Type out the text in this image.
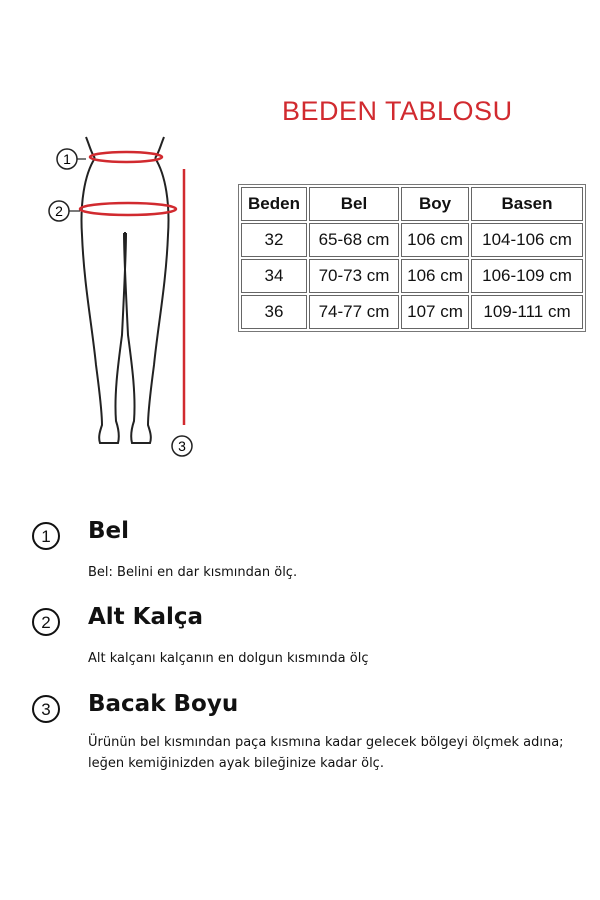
BEDEN TABLOSU
1
2
3
Beden	Bel	Boy	Basen
32	65-68 cm	106 cm	104-106 cm
34	70-73 cm	106 cm	106-109 cm
36	74-77 cm	107 cm	109-111 cm
1	Bel
Bel: Belini en dar kısmından ölç.
2	Alt Kalça
Alt kalçanı kalçanın en dolgun kısmında ölç
3	Bacak Boyu
Ürünün bel kısmından paça kısmına kadar gelecek bölgeyi ölçmek adına; leğen kemiğinizden ayak bileğinize kadar ölç.
